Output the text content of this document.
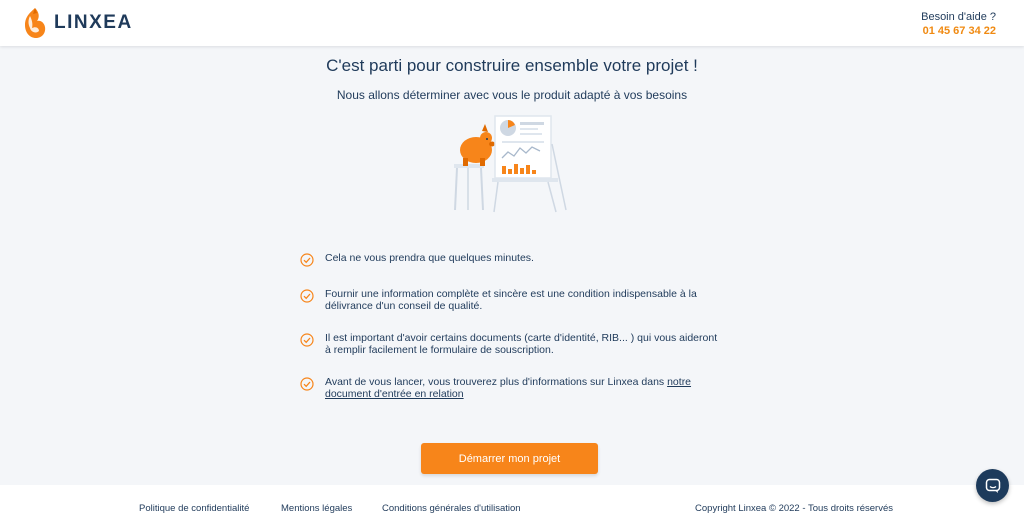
LINXEA	Besoin d'aide ?
01 45 67 34 22
C'est parti pour construire ensemble votre projet !
Nous allons déterminer avec vous le produit adapté à vos besoins
Cela ne vous prendra que quelques minutes.
Fournir une information complète et sincère est une condition indispensable à la délivrance d'un conseil de qualité.
Il est important d'avoir certains documents (carte d'identité, RIB... ) qui vous aideront à remplir facilement le formulaire de souscription.
Avant de vous lancer, vous trouverez plus d'informations sur Linxea dans notre document d'entrée en relation
Démarrer mon projet
Politique de confidentialité	Mentions légales	Conditions générales d'utilisation	Copyright Linxea © 2022 - Tous droits réservés
